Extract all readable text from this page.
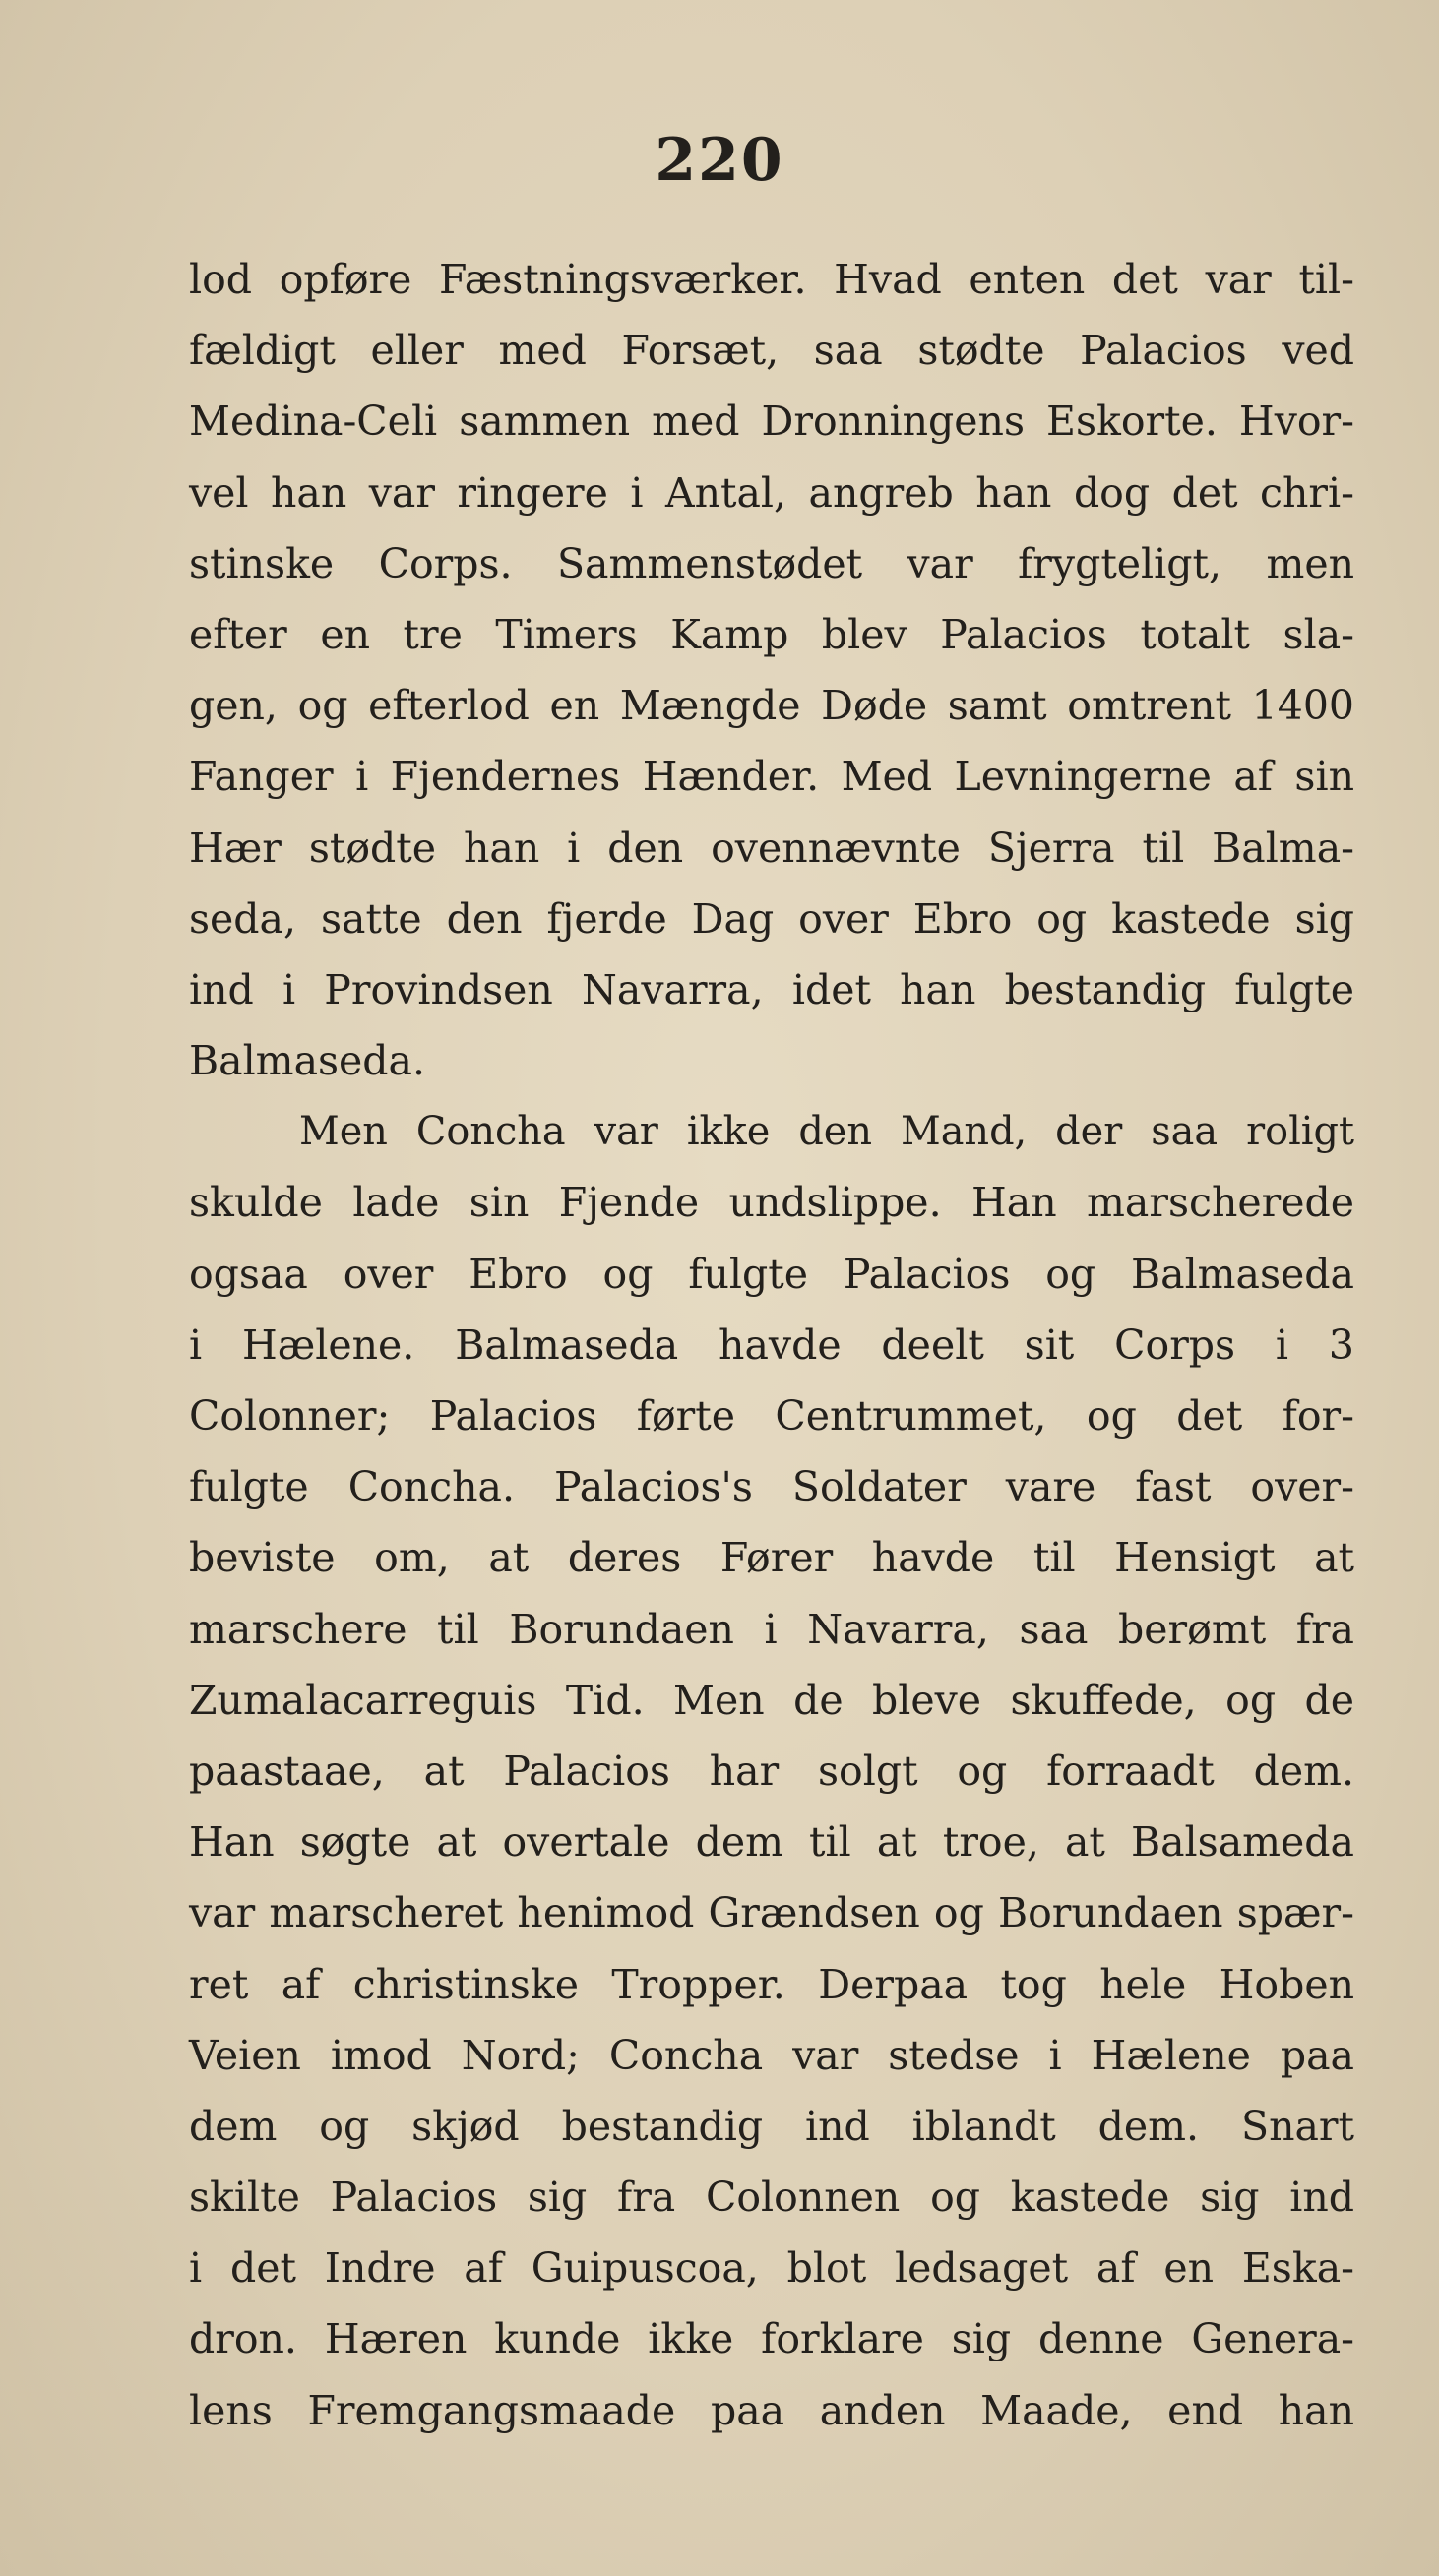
220
lod opføre Fæstningsværker. Hvad enten det var til-
fældigt eller med Forsæt, saa stødte Palacios ved
Medina-Celi sammen med Dronningens Eskorte. Hvor-
vel han var ringere i Antal, angreb han dog det chri-
stinske Corps. Sammenstødet var frygteligt, men
efter en tre Timers Kamp blev Palacios totalt sla-
gen, og efterlod en Mængde Døde samt omtrent 1400
Fanger i Fjendernes Hænder. Med Levningerne af sin
Hær stødte han i den ovennævnte Sjerra til Balma-
seda, satte den fjerde Dag over Ebro og kastede sig
ind i Provindsen Navarra, idet han bestandig fulgte
Balmaseda.
Men Concha var ikke den Mand, der saa roligt
skulde lade sin Fjende undslippe. Han marscherede
ogsaa over Ebro og fulgte Palacios og Balmaseda
i Hælene. Balmaseda havde deelt sit Corps i 3
Colonner; Palacios førte Centrummet, og det for-
fulgte Concha. Palacios's Soldater vare fast over-
beviste om, at deres Fører havde til Hensigt at
marschere til Borundaen i Navarra, saa berømt fra
Zumalacarreguis Tid. Men de bleve skuffede, og de
paastaae, at Palacios har solgt og forraadt dem.
Han søgte at overtale dem til at troe, at Balsameda
var marscheret henimod Grændsen og Borundaen spær-
ret af christinske Tropper. Derpaa tog hele Hoben
Veien imod Nord; Concha var stedse i Hælene paa
dem og skjød bestandig ind iblandt dem. Snart
skilte Palacios sig fra Colonnen og kastede sig ind
i det Indre af Guipuscoa, blot ledsaget af en Eska-
dron. Hæren kunde ikke forklare sig denne Genera-
lens Fremgangsmaade paa anden Maade, end han
